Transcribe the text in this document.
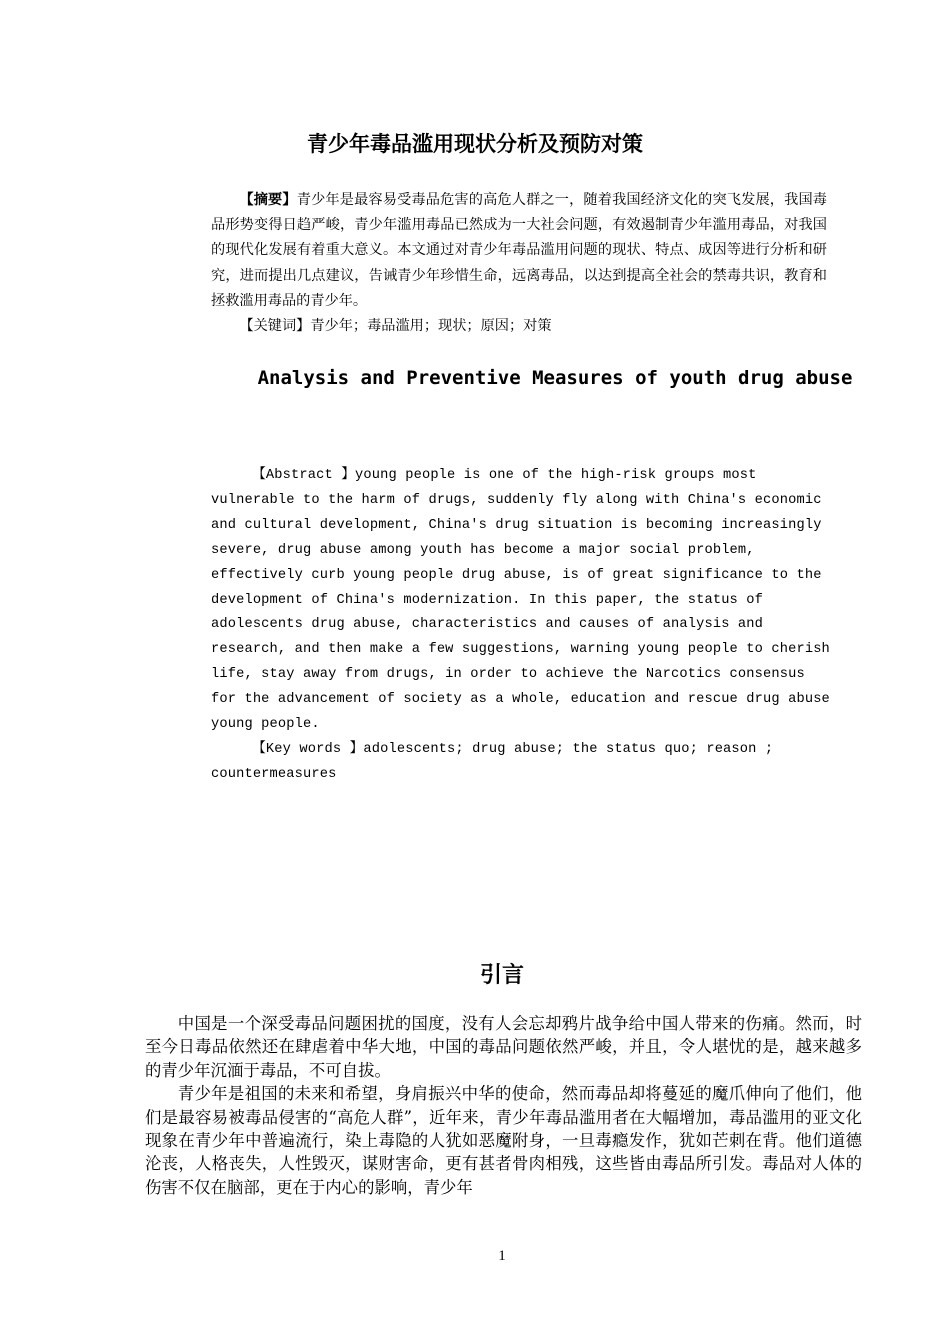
青少年毒品滥用现状分析及预防对策

【摘要】青少年是最容易受毒品危害的高危人群之一，随着我国经济文化的突飞发展，我国毒品形势变得日趋严峻，青少年滥用毒品已然成为一大社会问题，有效遏制青少年滥用毒品，对我国的现代化发展有着重大意义。本文通过对青少年毒品滥用问题的现状、特点、成因等进行分析和研究，进而提出几点建议，告诫青少年珍惜生命，远离毒品，以达到提高全社会的禁毒共识，教育和拯救滥用毒品的青少年。

【关键词】青少年；毒品滥用；现状；原因；对策

Analysis and Preventive Measures of youth drug abuse

【Abstract 】young people is one of the high-risk groups most vulnerable to the harm of drugs, suddenly fly along with China's economic and cultural development, China's drug situation is becoming increasingly severe, drug abuse among youth has become a major social problem, effectively curb young people drug abuse, is of great significance to the development of China's modernization. In this paper, the status of adolescents drug abuse, characteristics and causes of analysis and research, and then make a few suggestions, warning young people to cherish life, stay away from drugs, in order to achieve the Narcotics consensus for the advancement of society as a whole, education and rescue drug abuse young people.

【Key words 】adolescents; drug abuse; the status quo; reason ; countermeasures

引言

中国是一个深受毒品问题困扰的国度，没有人会忘却鸦片战争给中国人带来的伤痛。然而，时至今日毒品依然还在肆虐着中华大地，中国的毒品问题依然严峻，并且，令人堪忧的是，越来越多的青少年沉湎于毒品，不可自拔。

青少年是祖国的未来和希望，身肩振兴中华的使命，然而毒品却将蔓延的魔爪伸向了他们，他们是最容易被毒品侵害的“高危人群”，近年来，青少年毒品滥用者在大幅增加，毒品滥用的亚文化现象在青少年中普遍流行，染上毒隐的人犹如恶魔附身，一旦毒瘾发作，犹如芒刺在背。他们道德沦丧，人格丧失，人性毁灭，谋财害命，更有甚者骨肉相残，这些皆由毒品所引发。毒品对人体的伤害不仅在脑部，更在于内心的影响，青少年

1
